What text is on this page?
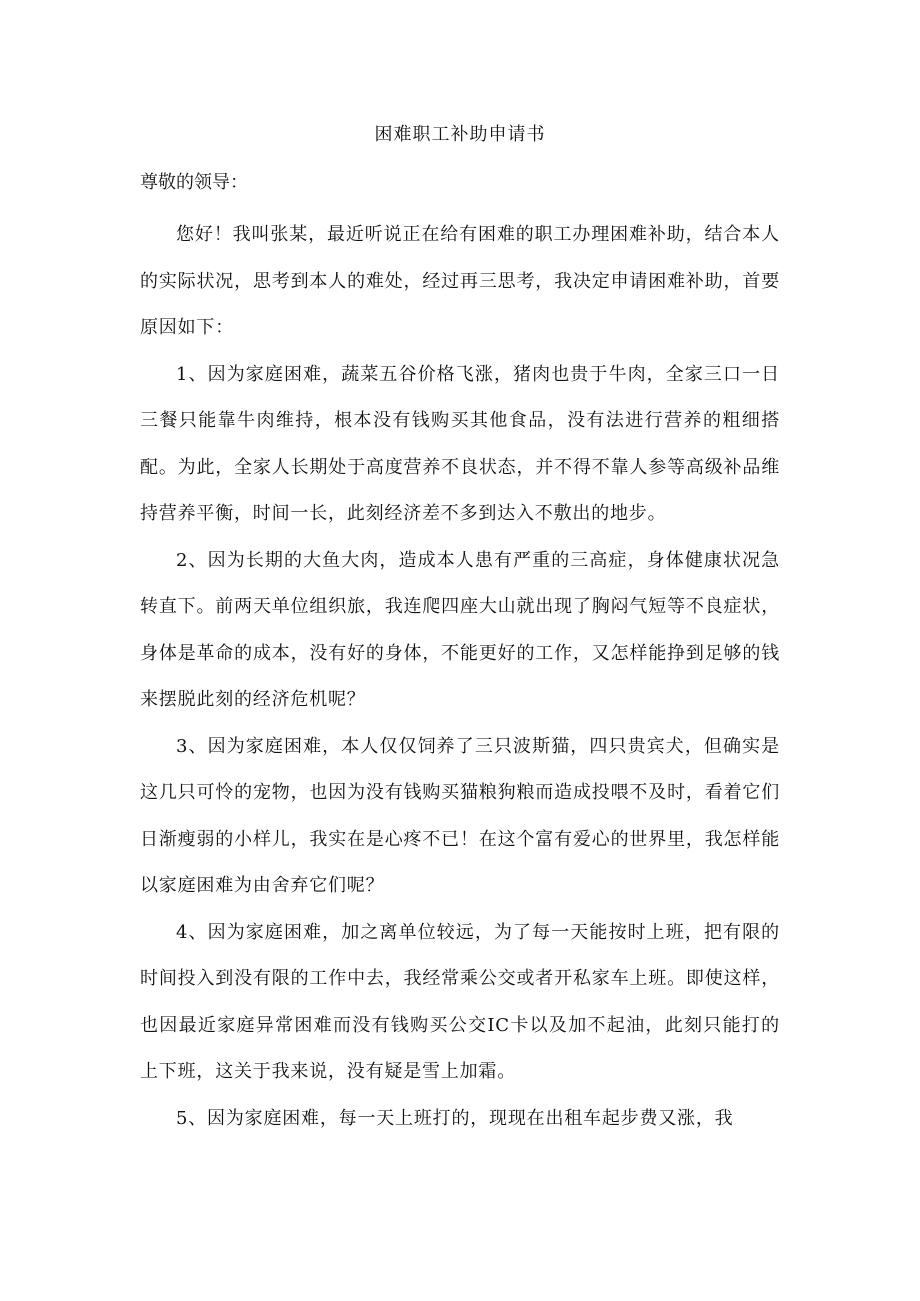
困难职工补助申请书
尊敬的领导：

您好！我叫张某，最近听说正在给有困难的职工办理困难补助，结合本人的实际状况，思考到本人的难处，经过再三思考，我决定申请困难补助，首要原因如下：

1、因为家庭困难，蔬菜五谷价格飞涨，猪肉也贵于牛肉，全家三口一日三餐只能靠牛肉维持，根本没有钱购买其他食品，没有法进行营养的粗细搭配。为此，全家人长期处于高度营养不良状态，并不得不靠人参等高级补品维持营养平衡，时间一长，此刻经济差不多到达入不敷出的地步。

2、因为长期的大鱼大肉，造成本人患有严重的三高症，身体健康状况急转直下。前两天单位组织旅，我连爬四座大山就出现了胸闷气短等不良症状，身体是革命的成本，没有好的身体，不能更好的工作，又怎样能挣到足够的钱来摆脱此刻的经济危机呢？

3、因为家庭困难，本人仅仅饲养了三只波斯猫，四只贵宾犬，但确实是这几只可怜的宠物，也因为没有钱购买猫粮狗粮而造成投喂不及时，看着它们日渐瘦弱的小样儿，我实在是心疼不已！在这个富有爱心的世界里，我怎样能以家庭困难为由舍弃它们呢？

4、因为家庭困难，加之离单位较远，为了每一天能按时上班，把有限的时间投入到没有限的工作中去，我经常乘公交或者开私家车上班。即使这样，也因最近家庭异常困难而没有钱购买公交IC卡以及加不起油，此刻只能打的上下班，这关于我来说，没有疑是雪上加霜。

5、因为家庭困难，每一天上班打的，现现在出租车起步费又涨，我
